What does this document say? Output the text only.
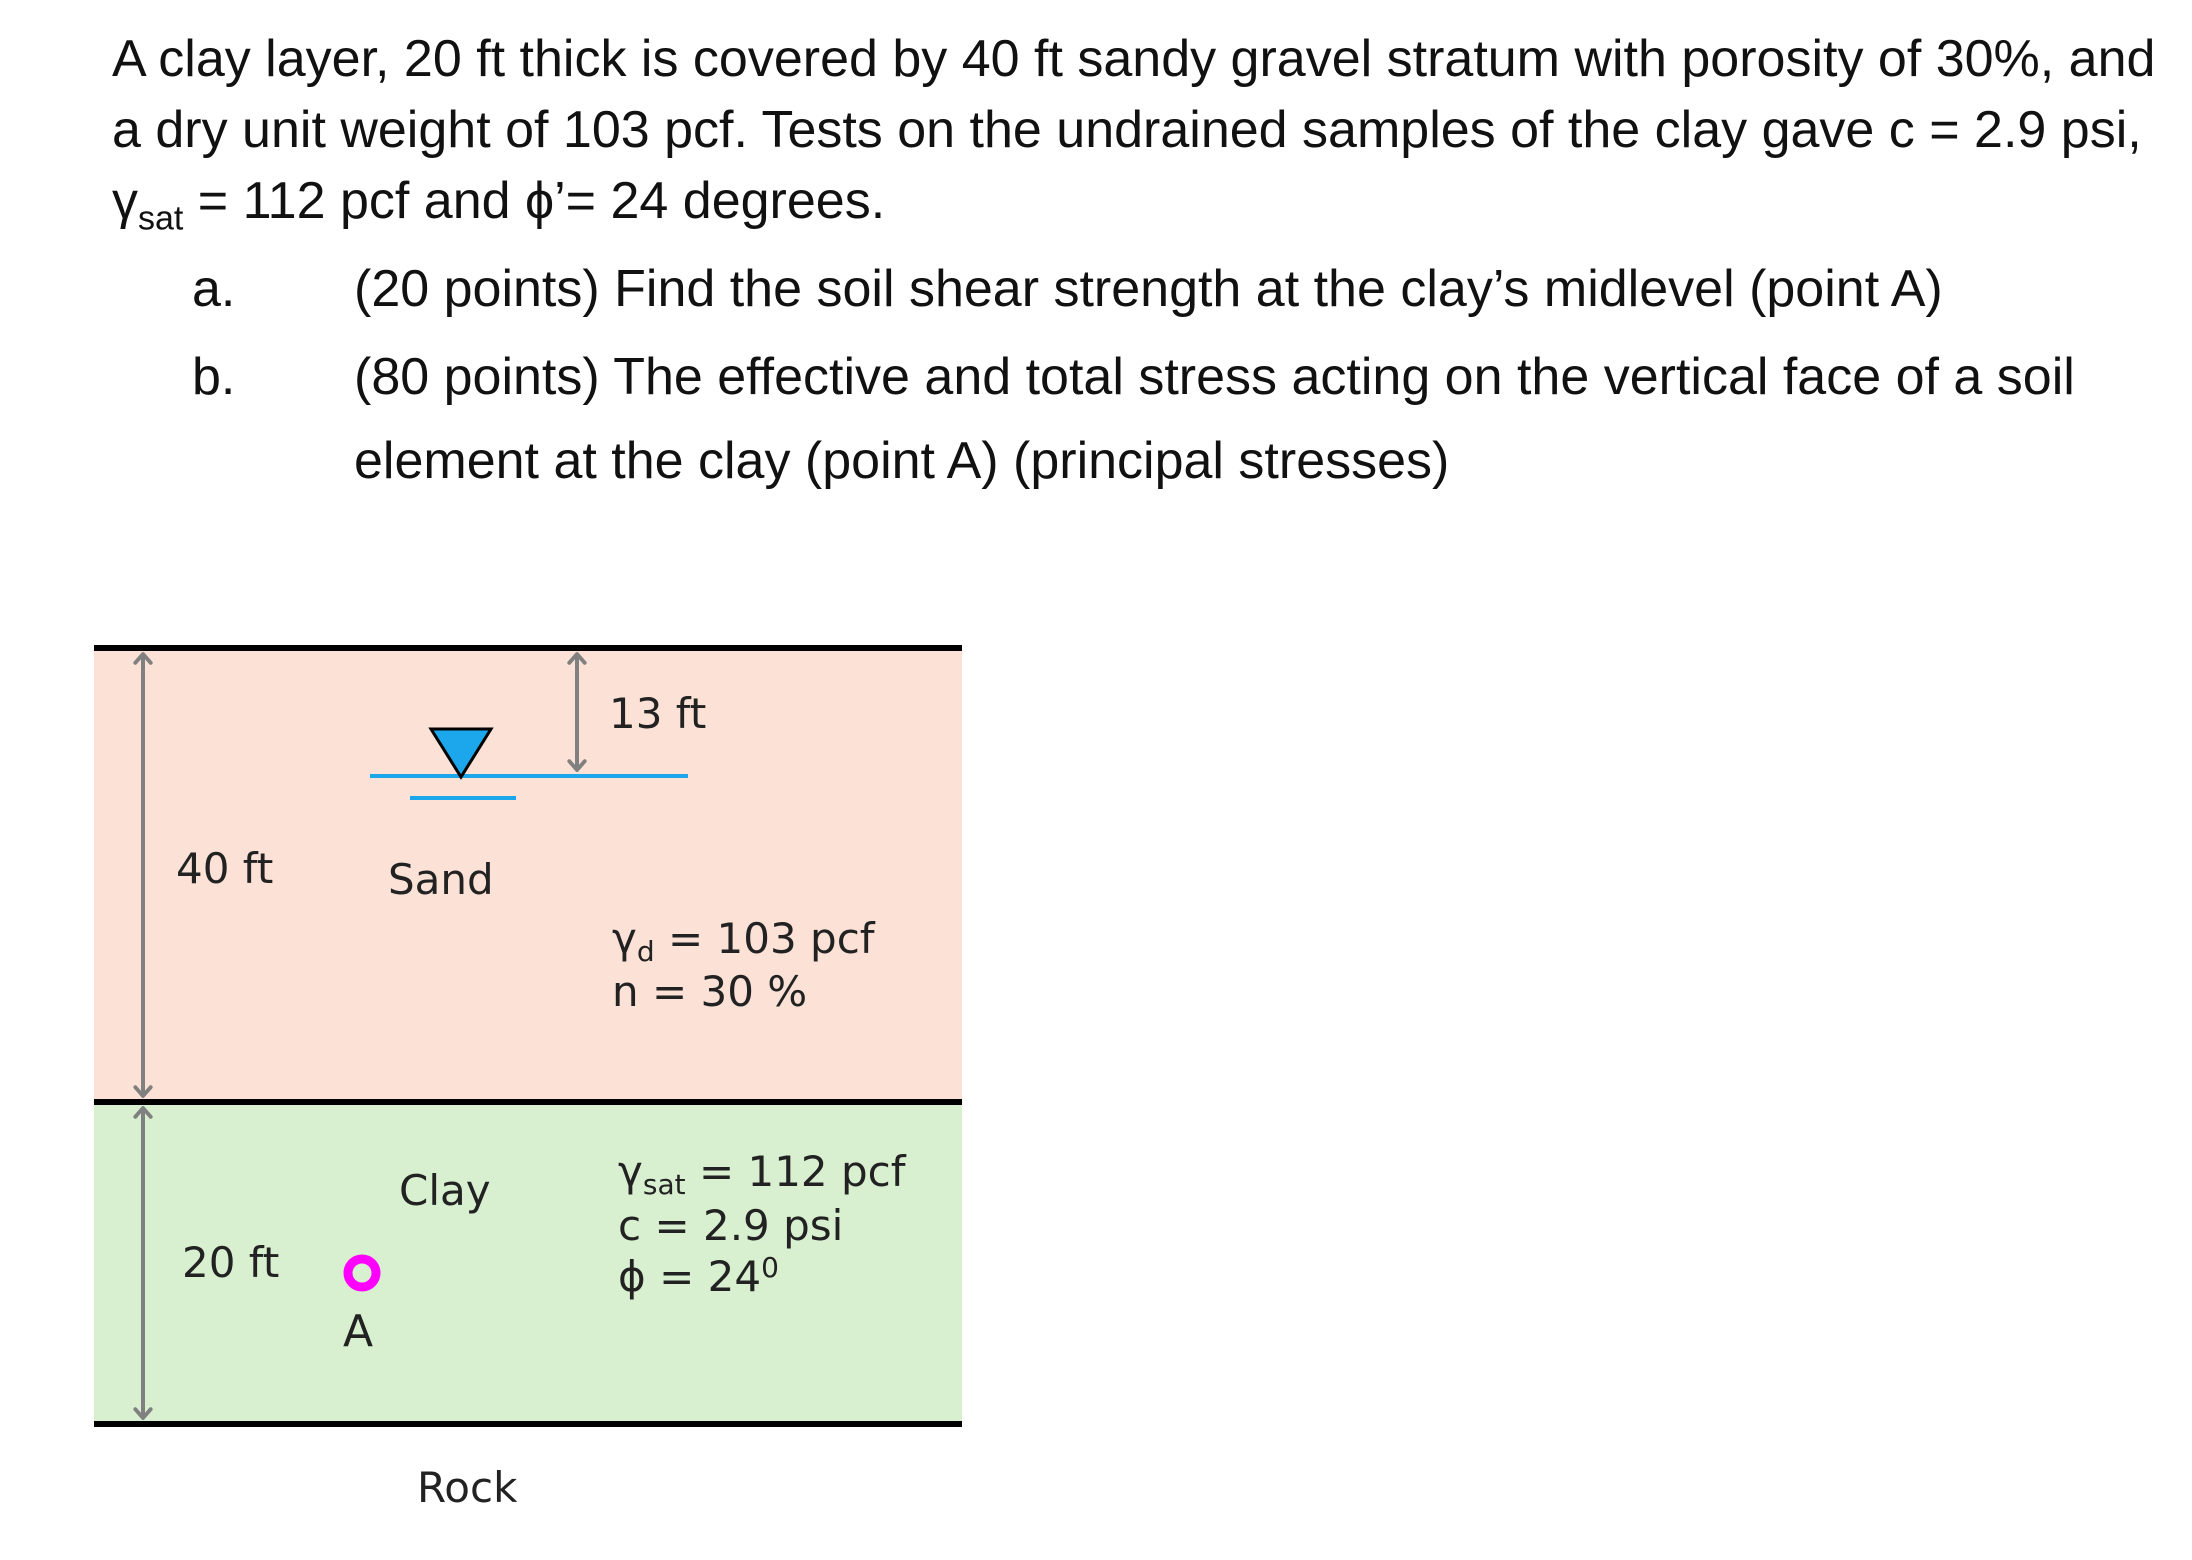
A clay layer, 20 ft thick is covered by 40 ft sandy gravel stratum with porosity of 30%, and a dry unit weight of 103 pcf. Tests on the undrained samples of the clay gave c = 2.9 psi, $\gamma_{sat} = 112$ pcf and ϕ’= 24 degrees.

a. (20 points) Find the soil shear strength at the clay’s midlevel (point A)
b. (80 points) The effective and total stress acting on the vertical face of a soil element at the clay (point A) (principal stresses)
40 ft	Sand
13 ft
γd = 103 pcf
n = 30 %
20 ft
Clay	γsat = 112 pcf
c = 2.9 psi
$\phi = 24^0$
A
Rock
